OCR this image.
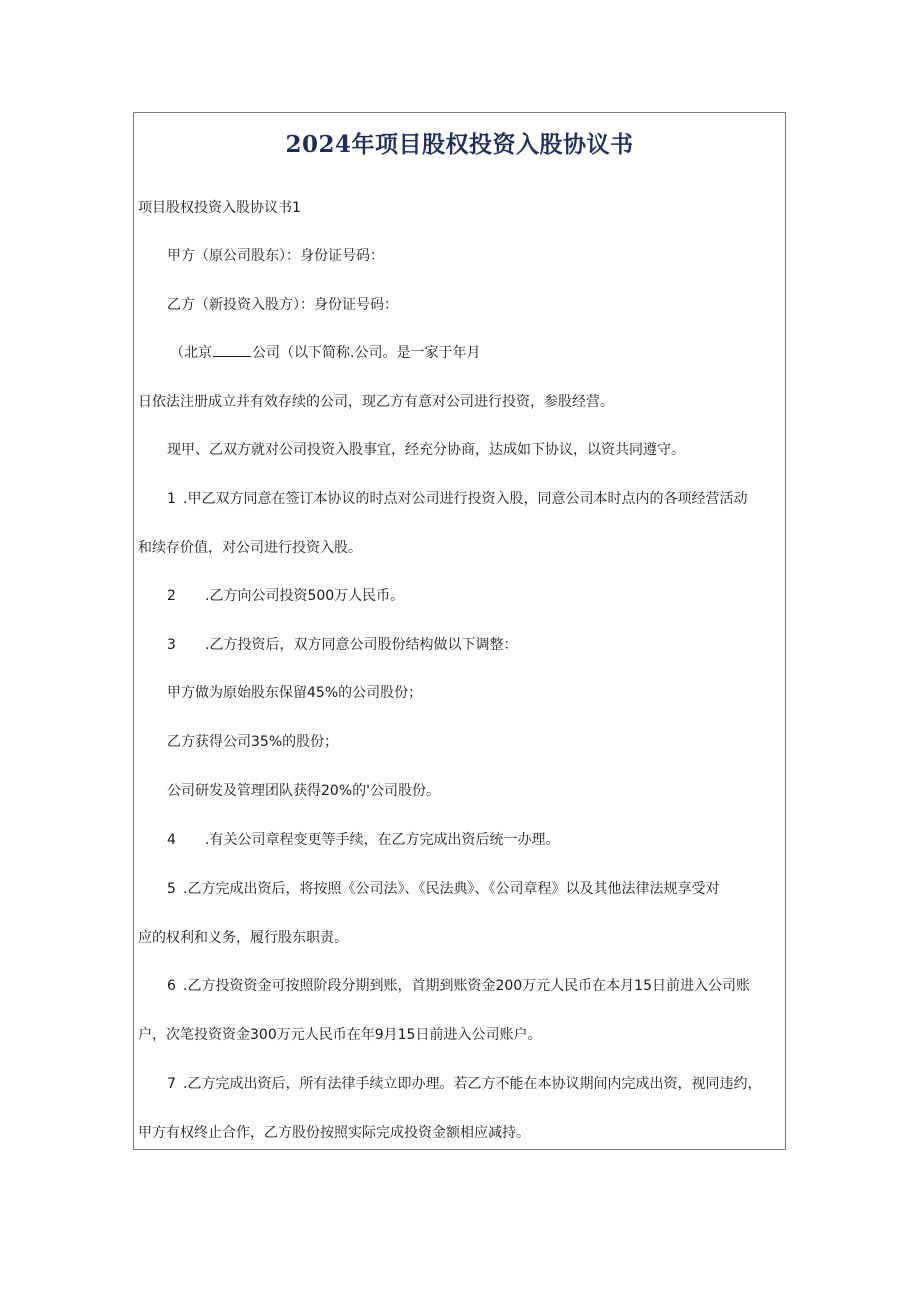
2024年项目股权投资入股协议书

项目股权投资入股协议书1

甲方（原公司股东）：身份证号码：

乙方（新投资入股方）：身份证号码：

（北京	公司（以下简称.公司。是一家于年月

日依法注册成立并有效存续的公司，现乙方有意对公司进行投资，参股经营。

现甲、乙双方就对公司投资入股事宜，经充分协商，达成如下协议，以资共同遵守。

1 .甲乙双方同意在签订本协议的时点对公司进行投资入股，同意公司本时点内的各项经营活动

和续存价值，对公司进行投资入股。

2 .乙方向公司投资500万人民币。

3 .乙方投资后，双方同意公司股份结构做以下调整：

甲方做为原始股东保留45%的公司股份；

乙方获得公司35%的股份；

公司研发及管理团队获得20%的'公司股份。

4 .有关公司章程变更等手续，在乙方完成出资后统一办理。

5 .乙方完成出资后，将按照《公司法》、《民法典》、《公司章程》以及其他法律法规享受对

应的权利和义务，履行股东职责。

6 .乙方投资资金可按照阶段分期到账，首期到账资金200万元人民币在本月15日前进入公司账

户，次笔投资资金300万元人民币在年9月15日前进入公司账户。

7 .乙方完成出资后，所有法律手续立即办理。若乙方不能在本协议期间内完成出资，视同违约，

甲方有权终止合作，乙方股份按照实际完成投资金额相应减持。
